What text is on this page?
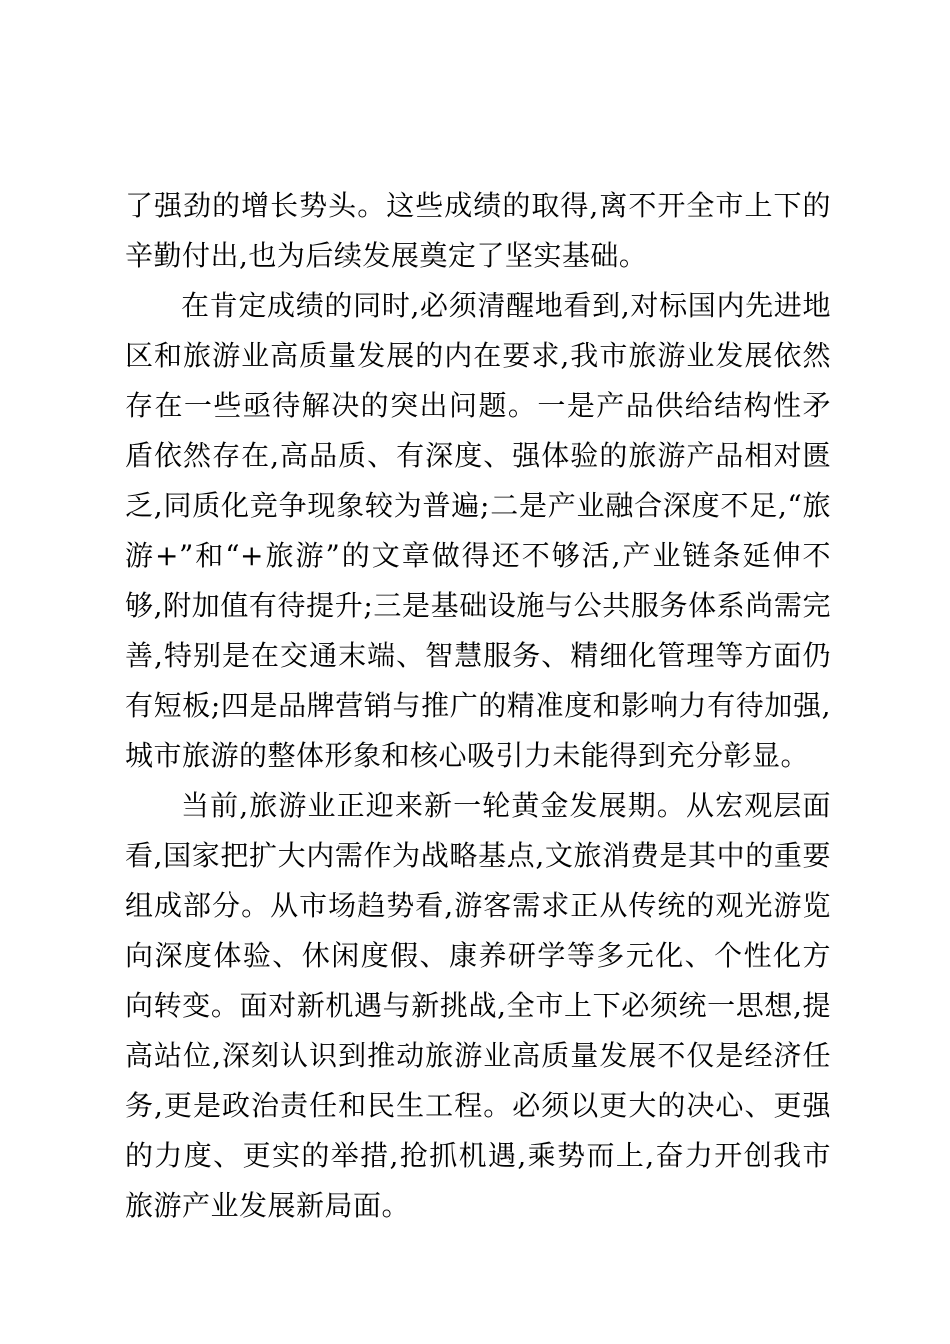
了强劲的增长势头。这些成绩的取得,离不开全市上下的辛勤付出,也为后续发展奠定了坚实基础。

在肯定成绩的同时,必须清醒地看到,对标国内先进地区和旅游业高质量发展的内在要求,我市旅游业发展依然存在一些亟待解决的突出问题。一是产品供给结构性矛盾依然存在,高品质、有深度、强体验的旅游产品相对匮乏,同质化竞争现象较为普遍;二是产业融合深度不足,“旅游+”和“+旅游”的文章做得还不够活,产业链条延伸不够,附加值有待提升;三是基础设施与公共服务体系尚需完善,特别是在交通末端、智慧服务、精细化管理等方面仍有短板;四是品牌营销与推广的精准度和影响力有待加强,城市旅游的整体形象和核心吸引力未能得到充分彰显。

当前,旅游业正迎来新一轮黄金发展期。从宏观层面看,国家把扩大内需作为战略基点,文旅消费是其中的重要组成部分。从市场趋势看,游客需求正从传统的观光游览向深度体验、休闲度假、康养研学等多元化、个性化方向转变。面对新机遇与新挑战,全市上下必须统一思想,提高站位,深刻认识到推动旅游业高质量发展不仅是经济任务,更是政治责任和民生工程。必须以更大的决心、更强的力度、更实的举措,抢抓机遇,乘势而上,奋力开创我市旅游产业发展新局面。
